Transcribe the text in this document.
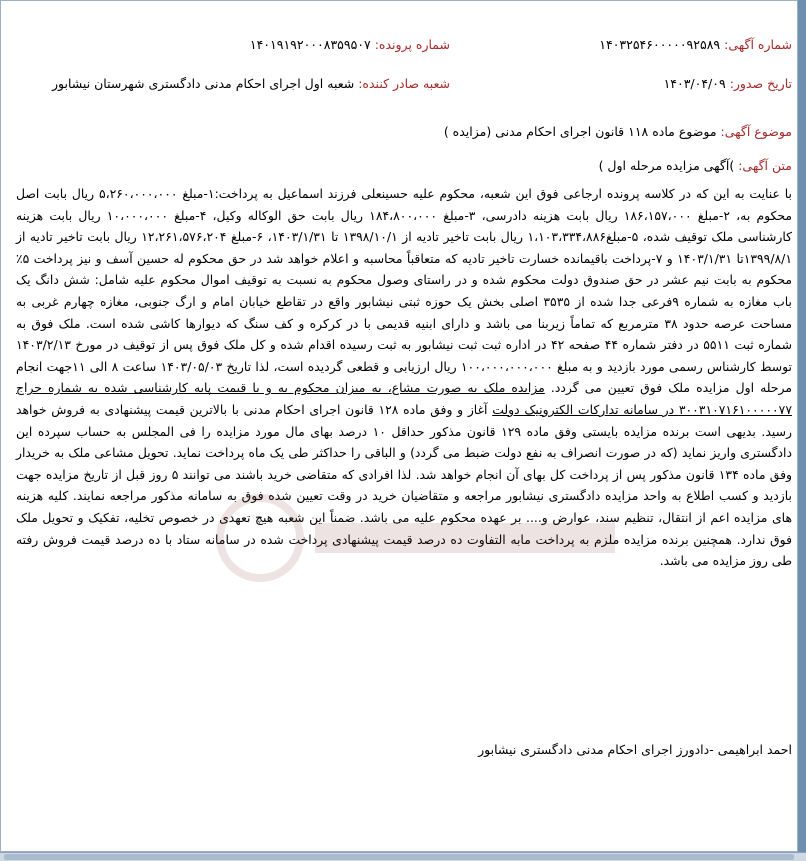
شماره آگهی: ۱۴۰۳۲۵۴۶۰۰۰۰۰۹۲۵۸۹
شماره پرونده: ۱۴۰۱۹۱۹۲۰۰۰۸۳۵۹۵۰۷
تاریخ صدور: ۱۴۰۳/۰۴/۰۹
شعبه صادر کننده: شعبه اول اجرای احکام مدنی دادگستری شهرستان نیشابور
موضوع آگهی: موضوع ماده ۱۱۸ قانون اجرای احکام مدنی (مزایده )
متن آگهی: )آگهی مزایده مرحله اول )
با عنایت به این که در کلاسه پرونده ارجاعی فوق این شعبه، محکوم علیه حسینعلی فرزند اسماعیل به پرداخت:۱-مبلغ ۵،۲۶۰،۰۰۰،۰۰۰ ریال بابت اصل محکوم به، ۲-مبلغ ۱۸۶،۱۵۷،۰۰۰ ریال بابت هزینه دادرسی، ۳-مبلغ ۱۸۴،۸۰۰،۰۰۰ ریال بابت حق الوکاله وکیل، ۴-مبلغ ۱۰،۰۰۰،۰۰۰ ریال بابت هزینه کارشناسی ملک توقیف شده، ۵-مبلغ۱،۱۰۳،۳۳۴،۸۸۶ ریال بابت تاخیر تادیه از ۱۳۹۸/۱۰/۱ تا ۱۴۰۳/۱/۳۱، ۶-مبلغ ۱۲،۲۶۱،۵۷۶،۲۰۴ ریال بابت تاخیر تادیه از ۱۳۹۹/۸/۱تا ۱۴۰۳/۱/۳۱ و ۷-پرداخت باقیمانده خسارت تاخیر تادیه که متعاقباً محاسبه و اعلام خواهد شد در حق محکوم له حسین آسف و نیز پرداخت ۵٪ محکوم به بابت نیم عشر در حق صندوق دولت محکوم شده و در راستای وصول محکوم به نسبت به توقیف اموال محکوم علیه شامل: شش دانگ یک باب مغازه به شماره ۹فرعی جدا شده از ۳۵۳۵ اصلی بخش یک حوزه ثبتی نیشابور واقع در تقاطع خیابان امام و ارگ جنوبی، مغازه چهارم غربی به مساحت عرصه حدود ۳۸ مترمربع که تماماً زیربنا می باشد و دارای ابنیه قدیمی با در کرکره و کف سنگ که دیوارها کاشی شده است. ملک فوق به شماره ثبت ۵۵۱۱ در دفتر شماره ۴۴ صفحه ۴۲ در اداره ثبت ثبت نیشابور به ثبت رسیده اقدام شده و کل ملک فوق پس از توقیف در مورخ ۱۴۰۳/۲/۱۳ توسط کارشناس رسمی مورد بازدید و به مبلغ ۱۰۰،۰۰۰،۰۰۰،۰۰۰ ریال ارزیابی و قطعی گردیده است، لذا تاریخ ۱۴۰۳/۰۵/۰۳ ساعت ۸ الی ۱۱جهت انجام مرحله اول مزایده ملک فوق تعیین می گردد. مزایده ملک به صورت مشاع، به میزان محکوم به و با قیمت پایه کارشناسی شده به شماره حراج ۳۰۰۳۱۰۷۱۶۱۰۰۰۰۰۷۷ در سامانه تدارکات الکترونیک دولت آغاز و وفق ماده ۱۲۸ قانون اجرای احکام مدنی با بالاترین قیمت پیشنهادی به فروش خواهد رسید. بدیهی است برنده مزایده بایستی وفق ماده ۱۲۹ قانون مذکور حداقل ۱۰ درصد بهای مال مورد مزایده را فی المجلس به حساب سپرده این دادگستری واریز نماید (که در صورت انصراف به نفع دولت ضبط می گردد) و الباقی را حداکثر طی یک ماه پرداخت نماید. تحویل مشاعی ملک به خریدار وفق ماده ۱۳۴ قانون مذکور پس از پرداخت کل بهای آن انجام خواهد شد. لذا افرادی که متقاضی خرید باشند می توانند ۵ روز قبل از تاریخ مزایده جهت بازدید و کسب اطلاع به واحد مزایده دادگستری نیشابور مراجعه و متقاضیان خرید در وقت تعیین شده فوق به سامانه مذکور مراجعه نمایند. کلیه هزینه های مزایده اعم از انتقال، تنظیم سند، عوارض و.... بر عهده محکوم علیه می باشد. ضمناً این شعبه هیچ تعهدی در خصوص تخلیه، تفکیک و تحویل ملک فوق ندارد. همچنین برنده مزایده ملزم به پرداخت مابه التفاوت ده درصد قیمت پیشنهادی پرداخت شده در سامانه ستاد با ده درصد قیمت فروش رفته طی روز مزایده می باشد.
احمد ابراهیمی -دادورز اجرای احکام مدنی دادگستری نیشابور
